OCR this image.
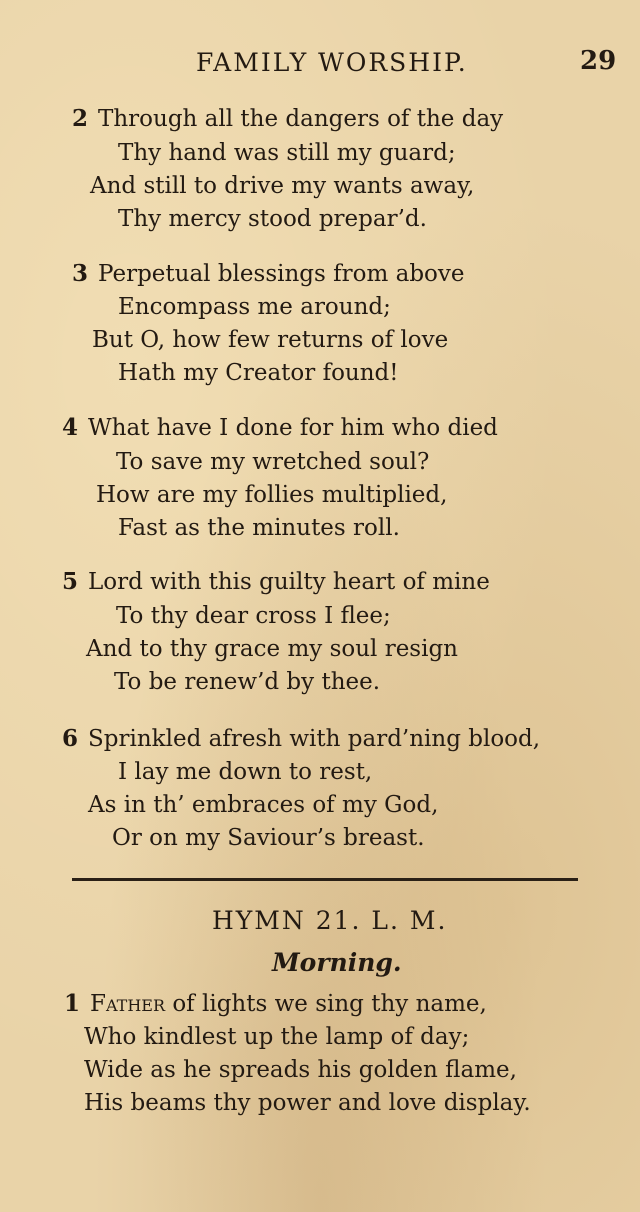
FAMILY WORSHIP.	29
2 Through all the dangers of the day
Thy hand was still my guard;
And still to drive my wants away,
Thy mercy stood prepar’d.
3 Perpetual blessings from above
Encompass me around;
But O, how few returns of love
Hath my Creator found!
4 What have I done for him who died
To save my wretched soul?
How are my follies multiplied,
Fast as the minutes roll.
5 Lord with this guilty heart of mine
To thy dear cross I flee;
And to thy grace my soul resign
To be renew’d by thee.
6 Sprinkled afresh with pard’ning blood,
I lay me down to rest,
As in th’ embraces of my God,
Or on my Saviour’s breast.
HYMN 21. L. M.
Morning.
1 Father of lights we sing thy name,
Who kindlest up the lamp of day;
Wide as he spreads his golden flame,
His beams thy power and love display.
